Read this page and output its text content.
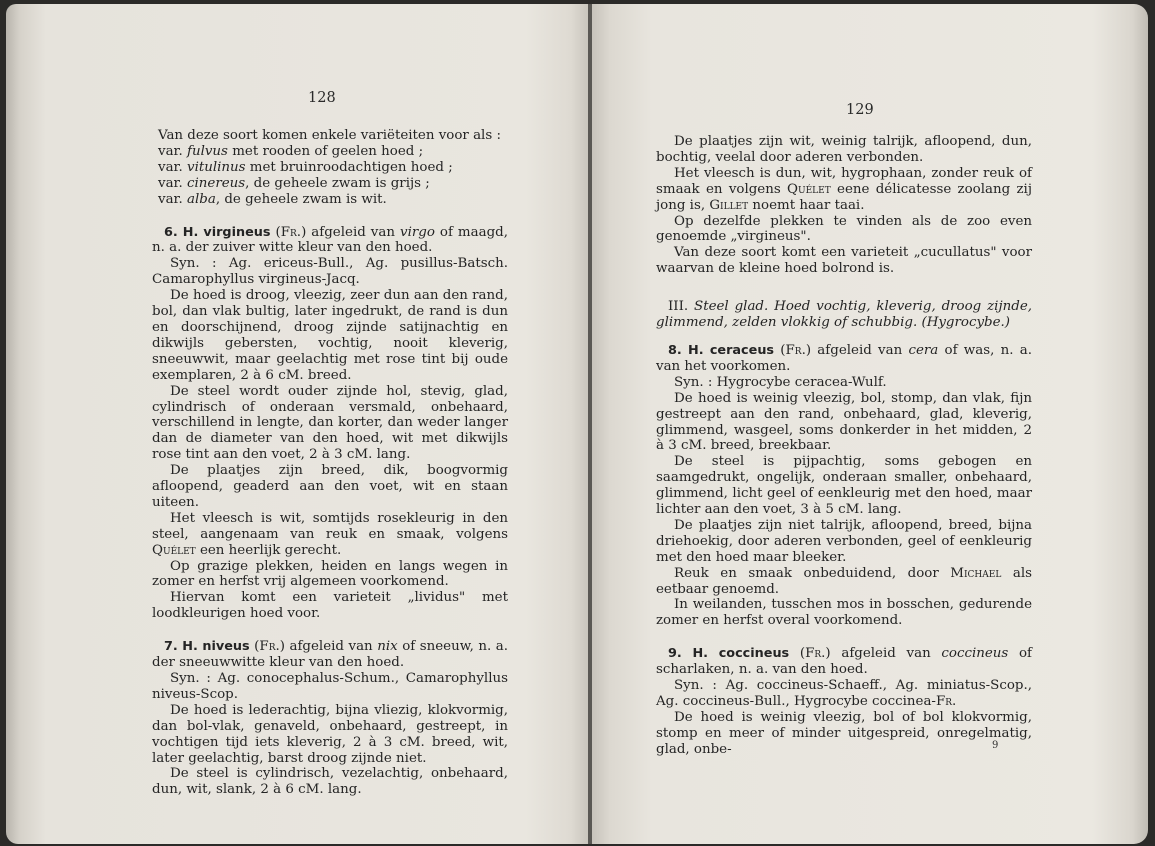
128

Van deze soort komen enkele variëteiten voor als :

var. fulvus met rooden of geelen hoed ;
var. vitulinus met bruinroodachtigen hoed ;
var. cinereus, de geheele zwam is grijs ;
var. alba, de geheele zwam is wit.

6. H. virgineus (Fr.) afgeleid van virgo of maagd, n. a. der zuiver witte kleur van den hoed.

Syn. : Ag. ericeus-Bull., Ag. pusillus-Batsch. Camarophyllus virgineus-Jacq.

De hoed is droog, vleezig, zeer dun aan den rand, bol, dan vlak bultig, later ingedrukt, de rand is dun en doorschijnend, droog zijnde satijnachtig en dikwijls gebersten, vochtig, nooit kleverig, sneeuwwit, maar geelachtig met rose tint bij oude exemplaren, 2 à 6 cM. breed.

De steel wordt ouder zijnde hol, stevig, glad, cylindrisch of onderaan versmald, onbehaard, verschillend in lengte, dan korter, dan weder langer dan de diameter van den hoed, wit met dikwijls rose tint aan den voet, 2 à 3 cM. lang.

De plaatjes zijn breed, dik, boogvormig afloopend, geaderd aan den voet, wit en staan uiteen.

Het vleesch is wit, somtijds rosekleurig in den steel, aangenaam van reuk en smaak, volgens Quélet een heerlijk gerecht.

Op grazige plekken, heiden en langs wegen in zomer en herfst vrij algemeen voorkomend.

Hiervan komt een varieteit „lividus" met loodkleurigen hoed voor.

7. H. niveus (Fr.) afgeleid van nix of sneeuw, n. a. der sneeuwwitte kleur van den hoed.

Syn. : Ag. conocephalus-Schum., Camarophyllus niveus-Scop.

De hoed is lederachtig, bijna vliezig, klokvormig, dan bol-vlak, genaveld, onbehaard, gestreept, in vochtigen tijd iets kleverig, 2 à 3 cM. breed, wit, later geelachtig, barst droog zijnde niet.

De steel is cylindrisch, vezelachtig, onbehaard, dun, wit, slank, 2 à 6 cM. lang.

129

De plaatjes zijn wit, weinig talrijk, afloopend, dun, bochtig, veelal door aderen verbonden.

Het vleesch is dun, wit, hygrophaan, zonder reuk of smaak en volgens Quélet eene délicatesse zoolang zij jong is, Gillet noemt haar taai.

Op dezelfde plekken te vinden als de zoo even genoemde „virgineus".

Van deze soort komt een varieteit „cucullatus" voor waarvan de kleine hoed bolrond is.

III. Steel glad. Hoed vochtig, kleverig, droog zijnde, glimmend, zelden vlokkig of schubbig. (Hygrocybe.)

8. H. ceraceus (Fr.) afgeleid van cera of was, n. a. van het voorkomen.

Syn. : Hygrocybe ceracea-Wulf.

De hoed is weinig vleezig, bol, stomp, dan vlak, fijn gestreept aan den rand, onbehaard, glad, kleverig, glimmend, wasgeel, soms donkerder in het midden, 2 à 3 cM. breed, breekbaar.

De steel is pijpachtig, soms gebogen en saamgedrukt, ongelijk, onderaan smaller, onbehaard, glimmend, licht geel of eenkleurig met den hoed, maar lichter aan den voet, 3 à 5 cM. lang.

De plaatjes zijn niet talrijk, afloopend, breed, bijna driehoekig, door aderen verbonden, geel of eenkleurig met den hoed maar bleeker.

Reuk en smaak onbeduidend, door Michael als eetbaar genoemd.

In weilanden, tusschen mos in bosschen, gedurende zomer en herfst overal voorkomend.

9. H. coccineus (Fr.) afgeleid van coccineus of scharlaken, n. a. van den hoed.

Syn. : Ag. coccineus-Schaeff., Ag. miniatus-Scop., Ag. coccineus-Bull., Hygrocybe coccinea-Fr.

De hoed is weinig vleezig, bol of bol klokvormig, stomp en meer of minder uitgespreid, onregelmatig, glad, onbe-	9
